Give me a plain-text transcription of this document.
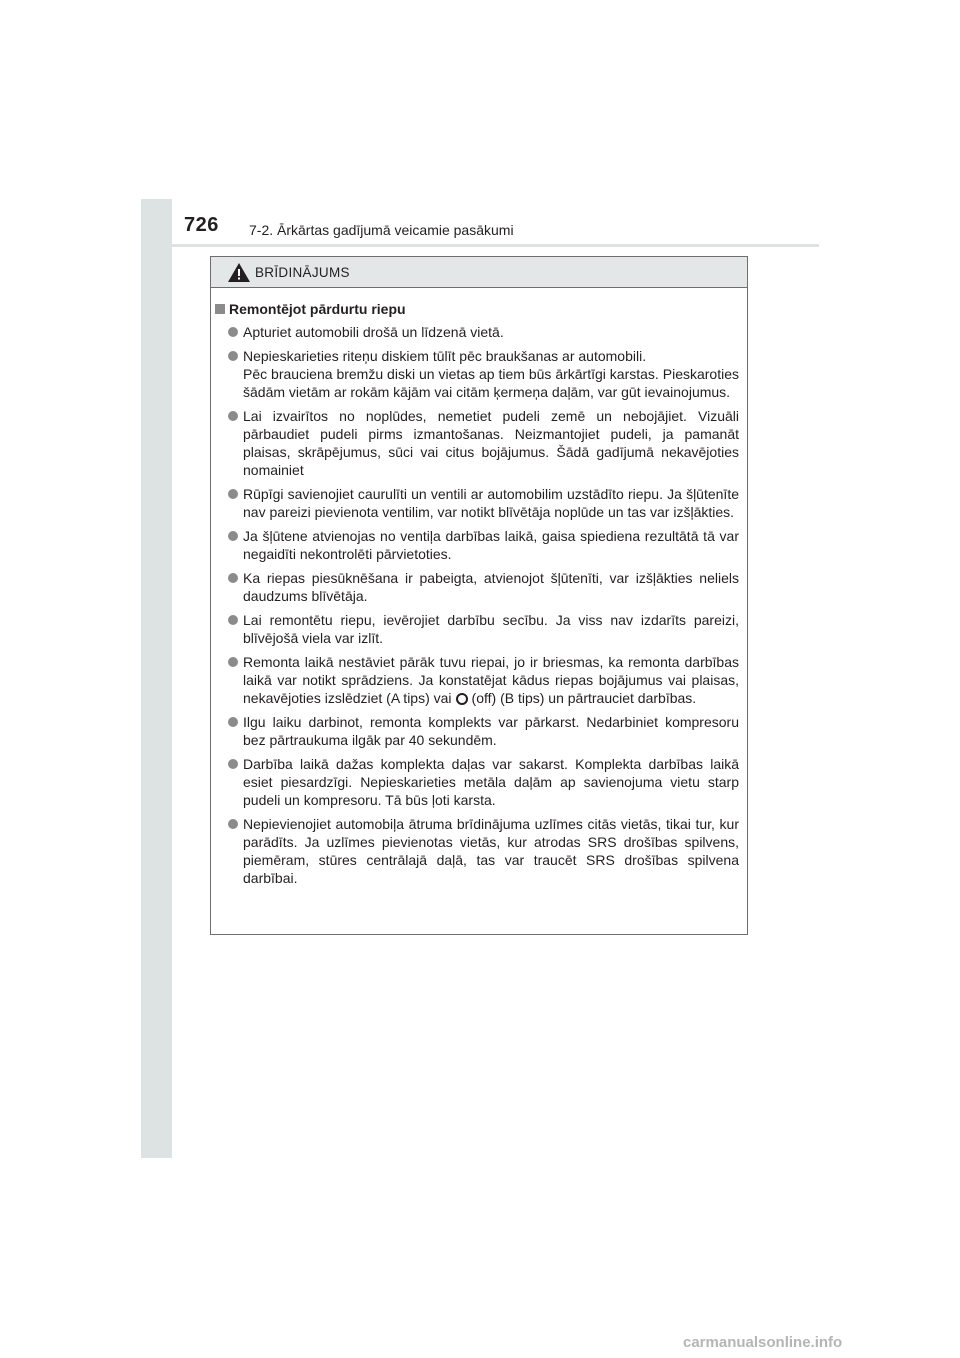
726 7-2. Ārkārtas gadījumā veicamie pasākumi
BRĪDINĀJUMS
Remontējot pārdurtu riepu
Apturiet automobili drošā un līdzenā vietā.
Nepieskarieties riteņu diskiem tūlīt pēc braukšanas ar automobili.
Pēc brauciena bremžu diski un vietas ap tiem būs ārkārtīgi karstas. Pieskaroties šādām vietām ar rokām kājām vai citām ķermeņa daļām, var gūt ievainojumus.
Lai izvairītos no noplūdes, nemetiet pudeli zemē un nebojājiet. Vizuāli pārbaudiet pudeli pirms izmantošanas. Neizmantojiet pudeli, ja pamanāt plaisas, skrāpējumus, sūci vai citus bojājumus. Šādā gadījumā nekavējoties nomainiet
Rūpīgi savienojiet caurulīti un ventili ar automobilim uzstādīto riepu. Ja šļūtenīte nav pareizi pievienota ventilim, var notikt blīvētāja noplūde un tas var izšļākties.
Ja šļūtene atvienojas no ventiļa darbības laikā, gaisa spiediena rezultātā tā var negaidīti nekontrolēti pārvietoties.
Ka riepas piesūknēšana ir pabeigta, atvienojot šļūtenīti, var izšļākties neliels daudzums blīvētāja.
Lai remontētu riepu, ievērojiet darbību secību. Ja viss nav izdarīts pareizi, blīvējošā viela var izlīt.
Remonta laikā nestāviet pārāk tuvu riepai, jo ir briesmas, ka remonta darbības laikā var notikt sprādziens. Ja konstatējat kādus riepas bojājumus vai plaisas, nekavējoties izslēdziet (A tips) vai (off) (B tips) un pārtrauciet darbības.
Ilgu laiku darbinot, remonta komplekts var pārkarst. Nedarbiniet kompresoru bez pārtraukuma ilgāk par 40 sekundēm.
Darbība laikā dažas komplekta daļas var sakarst. Komplekta darbības laikā esiet piesardzīgi. Nepieskarieties metāla daļām ap savienojuma vietu starp pudeli un kompresoru. Tā būs ļoti karsta.
Nepievienojiet automobiļa ātruma brīdinājuma uzlīmes citās vietās, tikai tur, kur parādīts. Ja uzlīmes pievienotas vietās, kur atrodas SRS drošības spilvens, piemēram, stūres centrālajā daļā, tas var traucēt SRS drošības spilvena darbībai.
carmanualsonline.info
